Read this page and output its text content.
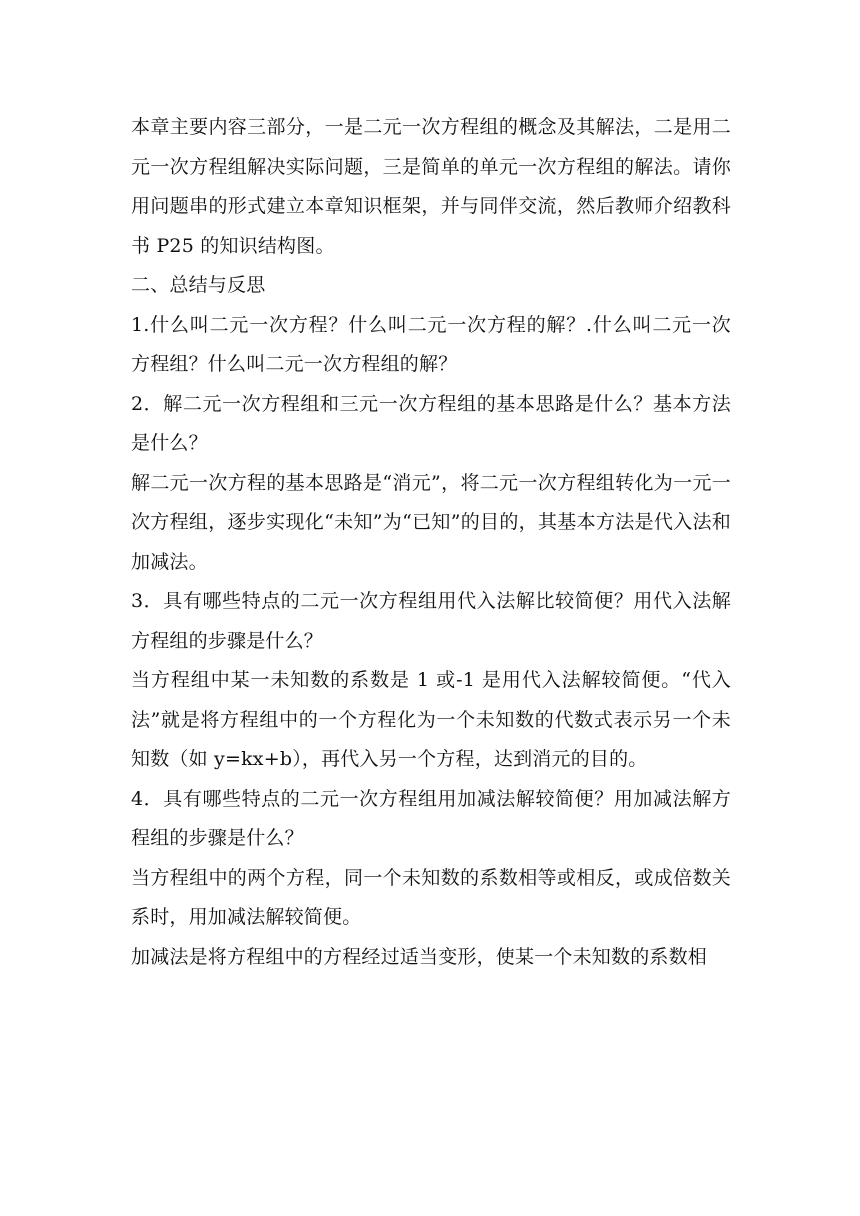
本章主要内容三部分，一是二元一次方程组的概念及其解法，二是用二元一次方程组解决实际问题，三是简单的单元一次方程组的解法。请你用问题串的形式建立本章知识框架，并与同伴交流，然后教师介绍教科书 P25 的知识结构图。

二、总结与反思

1.什么叫二元一次方程？什么叫二元一次方程的解？.什么叫二元一次方程组？什么叫二元一次方程组的解？

2．解二元一次方程组和三元一次方程组的基本思路是什么？基本方法是什么？

解二元一次方程的基本思路是“消元”，将二元一次方程组转化为一元一次方程组，逐步实现化“未知”为“已知”的目的，其基本方法是代入法和加减法。

3．具有哪些特点的二元一次方程组用代入法解比较简便？用代入法解方程组的步骤是什么？

当方程组中某一未知数的系数是 1 或-1 是用代入法解较简便。“代入法”就是将方程组中的一个方程化为一个未知数的代数式表示另一个未知数（如 y=kx+b），再代入另一个方程，达到消元的目的。

4．具有哪些特点的二元一次方程组用加减法解较简便？用加减法解方程组的步骤是什么？

当方程组中的两个方程，同一个未知数的系数相等或相反，或成倍数关系时，用加减法解较简便。

加减法是将方程组中的方程经过适当变形，使某一个未知数的系数相
